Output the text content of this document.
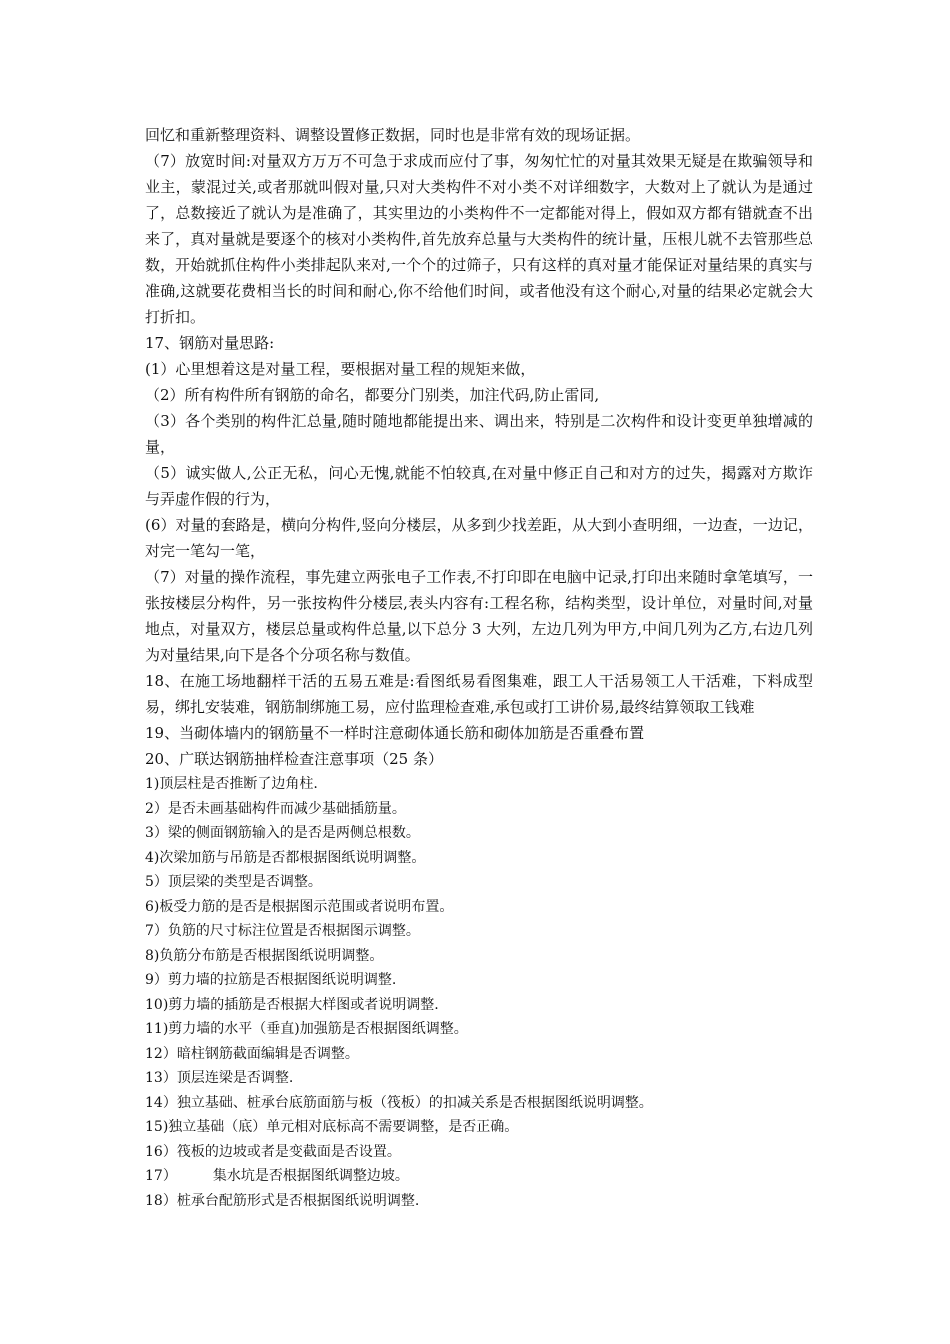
回忆和重新整理资料、调整设置修正数据，同时也是非常有效的现场证据。

（7）放宽时间:对量双方万万不可急于求成而应付了事，匆匆忙忙的对量其效果无疑是在欺骗领导和业主，蒙混过关,或者那就叫假对量,只对大类构件不对小类不对详细数字，大数对上了就认为是通过了，总数接近了就认为是准确了，其实里边的小类构件不一定都能对得上，假如双方都有错就查不出来了，真对量就是要逐个的核对小类构件,首先放弃总量与大类构件的统计量，压根儿就不去管那些总数，开始就抓住构件小类排起队来对,一个个的过筛子，只有这样的真对量才能保证对量结果的真实与准确,这就要花费相当长的时间和耐心,你不给他们时间，或者他没有这个耐心,对量的结果必定就会大打折扣。

17、钢筋对量思路:

(1）心里想着这是对量工程，要根据对量工程的规矩来做，

（2）所有构件所有钢筋的命名，都要分门别类，加注代码,防止雷同,

（3）各个类别的构件汇总量,随时随地都能提出来、调出来，特别是二次构件和设计变更单独增减的量，

（5）诚实做人,公正无私，问心无愧,就能不怕较真,在对量中修正自己和对方的过失，揭露对方欺诈与弄虚作假的行为，

(6）对量的套路是，横向分构件,竖向分楼层，从多到少找差距，从大到小查明细，一边查，一边记，对完一笔勾一笔，

（7）对量的操作流程，事先建立两张电子工作表,不打印即在电脑中记录,打印出来随时拿笔填写，一张按楼层分构件，另一张按构件分楼层,表头内容有:工程名称，结构类型，设计单位，对量时间,对量地点，对量双方，楼层总量或构件总量,以下总分 3 大列，左边几列为甲方,中间几列为乙方,右边几列为对量结果,向下是各个分项名称与数值。

18、在施工场地翻样干活的五易五难是:看图纸易看图集难，跟工人干活易领工人干活难，下料成型易，绑扎安装难，钢筋制绑施工易，应付监理检查难,承包或打工讲价易,最终结算领取工钱难

19、当砌体墙内的钢筋量不一样时注意砌体通长筋和砌体加筋是否重叠布置

20、广联达钢筋抽样检查注意事项（25 条）

1)顶层柱是否推断了边角柱.

2）是否未画基础构件而减少基础插筋量。

3）梁的侧面钢筋输入的是否是两侧总根数。

4)次梁加筋与吊筋是否都根据图纸说明调整。

5）顶层梁的类型是否调整。

6)板受力筋的是否是根据图示范围或者说明布置。

7）负筋的尺寸标注位置是否根据图示调整。

8)负筋分布筋是否根据图纸说明调整。

9）剪力墙的拉筋是否根据图纸说明调整.

10)剪力墙的插筋是否根据大样图或者说明调整.

11)剪力墙的水平（垂直)加强筋是否根据图纸调整。

12）暗柱钢筋截面编辑是否调整。

13）顶层连梁是否调整.

14）独立基础、桩承台底筋面筋与板（筏板）的扣减关系是否根据图纸说明调整。

15)独立基础（底）单元相对底标高不需要调整，是否正确。

16）筏板的边坡或者是变截面是否设置。

17）	集水坑是否根据图纸调整边坡。

18）桩承台配筋形式是否根据图纸说明调整.
